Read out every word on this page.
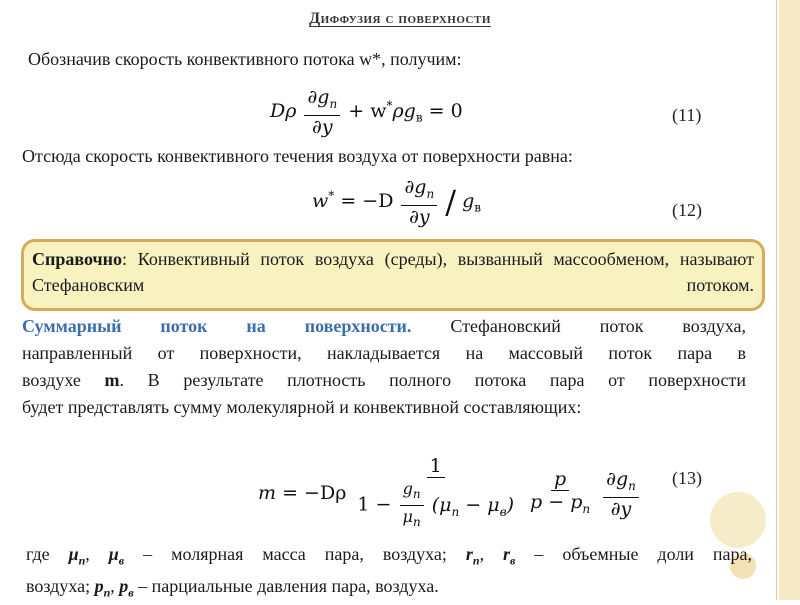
Диффузия с поверхности
Обозначив скорость конвективного потока w*, получим:
Dρ $\frac{\partial g_п}{\partial y} + w^*\rho g_в = 0$	(11)
Отсюда скорость конвективного течения воздуха от поверхности равна:
$w^* = -D \frac{\partial g_п}{\partial y} / g_в$	(12)
Справочно: Конвективный поток воздуха (среды), вызванный массообменом, называют Стефановским потоком.
Суммарный поток на поверхности. Стефановский поток воздуха,
направленный от поверхности, накладывается на массовый поток пара в
воздухе m. В результате плотность полного потока пара от поверхности
будет представлять сумму молекулярной и конвективной составляющих:
m = −Dρ
1
$1 - \frac{g_п}{\mu_п} (\mu_п - \mu_в)$
$\frac{p}{p - p_п}$
$\frac{\partial g_п}{\partial y} (13)$
где $\mu_п$, $\mu_в$ – молярная масса пара, воздуха; $r_п$, $r_в$ – объемные доли пара,
воздуха; $p_п$, $p_в$ – парциальные давления пара, воздуха.
